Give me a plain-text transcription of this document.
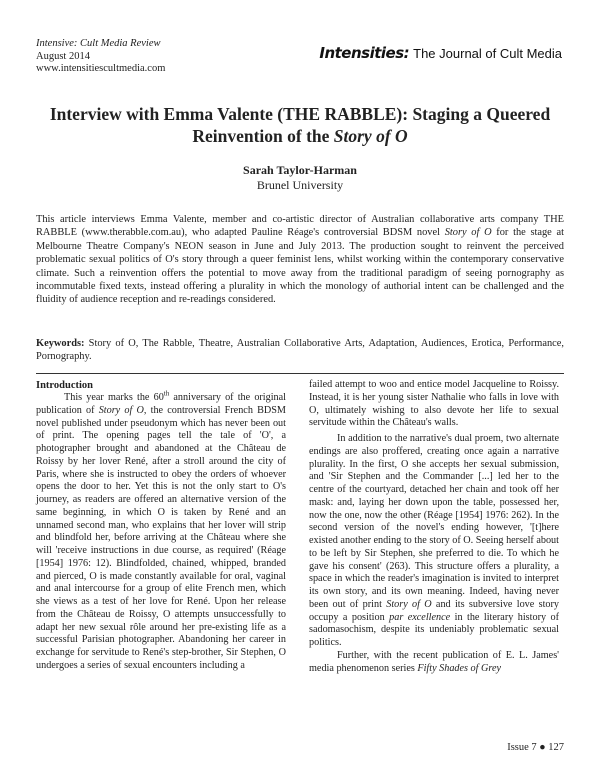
Intensive: Cult Media Review
August 2014
www.intensitiescultmedia.com
Intensities: The Journal of Cult Media
Interview with Emma Valente (THE RABBLE): Staging a Queered
Reinvention of the Story of O
Sarah Taylor-Harman
Brunel University

This article interviews Emma Valente, member and co-artistic director of Australian collaborative arts company THE RABBLE (www.therabble.com.au), who adapted Pauline Réage's controversial BDSM novel Story of O for the stage at Melbourne Theatre Company's NEON season in June and July 2013. The production sought to reinvent the perceived problematic sexual politics of O's story through a queer feminist lens, whilst working within the contemporary conservative climate. Such a reinvention offers the potential to move away from the traditional paradigm of seeing pornography as incommutable fixed texts, instead offering a plurality in which the monology of authorial intent can be challenged and the fluidity of audience reception and re-readings considered.

Keywords: Story of O, The Rabble, Theatre, Australian Collaborative Arts, Adaptation, Audiences, Erotica, Performance, Pornography.

Introduction

This year marks the 60th anniversary of the original publication of Story of O, the controversial French BDSM novel published under pseudonym which has never been out of print. The opening pages tell the tale of 'O', a photographer brought and abandoned at the Château de Roissy by her lover René, after a stroll around the city of Paris, where she is instructed to obey the orders of whoever opens the door to her. Yet this is not the only start to O's journey, as readers are offered an alternative version of the same beginning, in which O is taken by René and an unnamed second man, who explains that her lover will strip and blindfold her, before arriving at the Château where she will 'receive instructions in due course, as required' (Réage [1954] 1976: 12). Blindfolded, chained, whipped, branded and pierced, O is made constantly available for oral, vaginal and anal intercourse for a group of elite French men, which she views as a test of her love for René. Upon her release from the Château de Roissy, O attempts unsuccessfully to adapt her new sexual rôle around her pre-existing life as a successful Parisian photographer. Abandoning her career in exchange for servitude to René's step-brother, Sir Stephen, O undergoes a series of sexual encounters including a

failed attempt to woo and entice model Jacqueline to Roissy. Instead, it is her young sister Nathalie who falls in love with O, ultimately wishing to also devote her life to sexual servitude within the Château's walls.

In addition to the narrative's dual proem, two alternate endings are also proffered, creating once again a narrative plurality. In the first, O she accepts her sexual submission, and 'Sir Stephen and the Commander [...] led her to the centre of the courtyard, detached her chain and took off her mask: and, laying her down upon the table, possessed her, now the one, now the other (Réage [1954] 1976: 262). In the second version of the novel's ending however, '[t]here existed another ending to the story of O. Seeing herself about to be left by Sir Stephen, she preferred to die. To which he gave his consent' (263). This structure offers a plurality, a space in which the reader's imagination is invited to interpret its own story, and its own meaning. Indeed, having never been out of print Story of O and its subversive love story occupy a position par excellence in the literary history of sadomasochism, despite its undeniably problematic sexual politics.

Further, with the recent publication of E. L. James' media phenomenon series Fifty Shades of Grey

Issue 7 ● 127
